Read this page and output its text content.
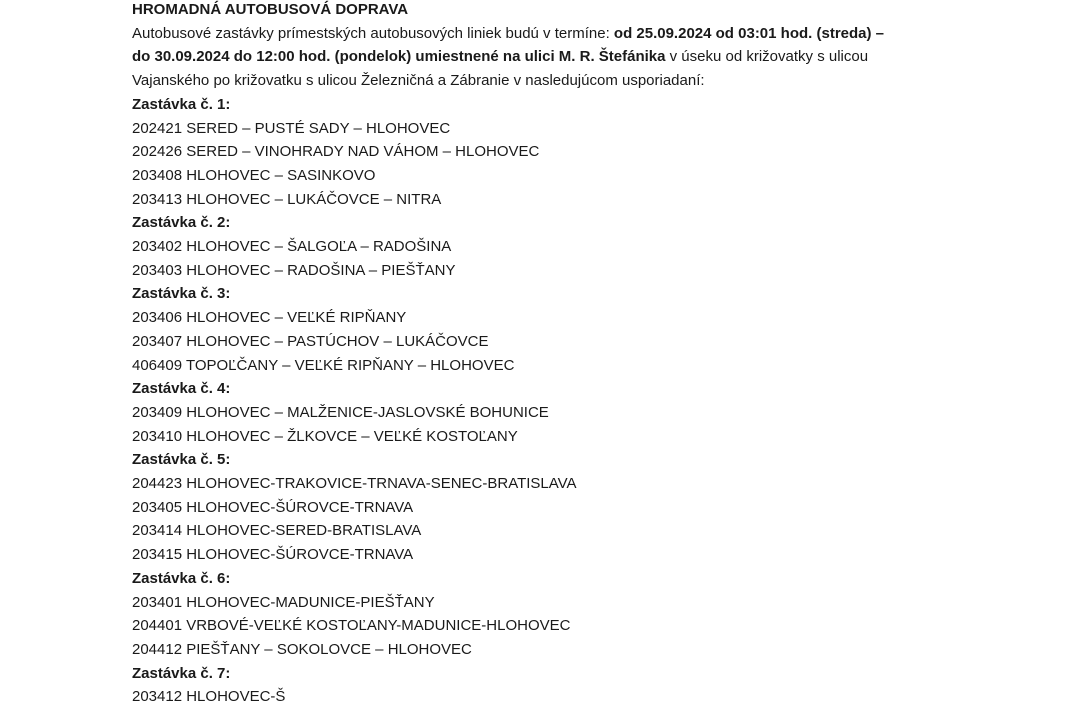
HROMADNÁ AUTOBUSOVÁ DOPRAVA

Autobusové zastávky prímestských autobusových liniek budú v termíne: od 25.09.2024 od 03:01 hod. (streda) – do 30.09.2024 do 12:00 hod. (pondelok) umiestnené na ulici M. R. Štefánika v úseku od križovatky s ulicou Vajanského po križovatku s ulicou Železničná a Zábranie v nasledujúcom usporiadaní:

Zastávka č. 1:

202421 SERED – PUSTÉ SADY – HLOHOVEC

202426 SERED – VINOHRADY NAD VÁHOM – HLOHOVEC

203408 HLOHOVEC – SASINKOVO

203413 HLOHOVEC – LUKÁČOVCE – NITRA

Zastávka č. 2:

203402 HLOHOVEC – ŠALGOĽA – RADOŠINA

203403 HLOHOVEC – RADOŠINA – PIEŠŤANY

Zastávka č. 3:

203406 HLOHOVEC – VEĽKÉ RIPŇANY

203407 HLOHOVEC – PASTÚCHOV – LUKÁČOVCE

406409 TOPOĽČANY – VEĽKÉ RIPŇANY – HLOHOVEC

Zastávka č. 4:

203409 HLOHOVEC – MALŽENICE-JASLOVSKÉ BOHUNICE

203410 HLOHOVEC – ŽLKOVCE – VEĽKÉ KOSTOĽANY

Zastávka č. 5:

204423 HLOHOVEC-TRAKOVICE-TRNAVA-SENEC-BRATISLAVA

203405 HLOHOVEC-ŠÚROVCE-TRNAVA

203414 HLOHOVEC-SERED-BRATISLAVA

203415 HLOHOVEC-ŠÚROVCE-TRNAVA

Zastávka č. 6:

203401 HLOHOVEC-MADUNICE-PIEŠŤANY

204401 VRBOVÉ-VEĽKÉ KOSTOĽANY-MADUNICE-HLOHOVEC

204412 PIEŠŤANY – SOKOLOVCE – HLOHOVEC

Zastávka č. 7:

203412 HLOHOVEC-Š
